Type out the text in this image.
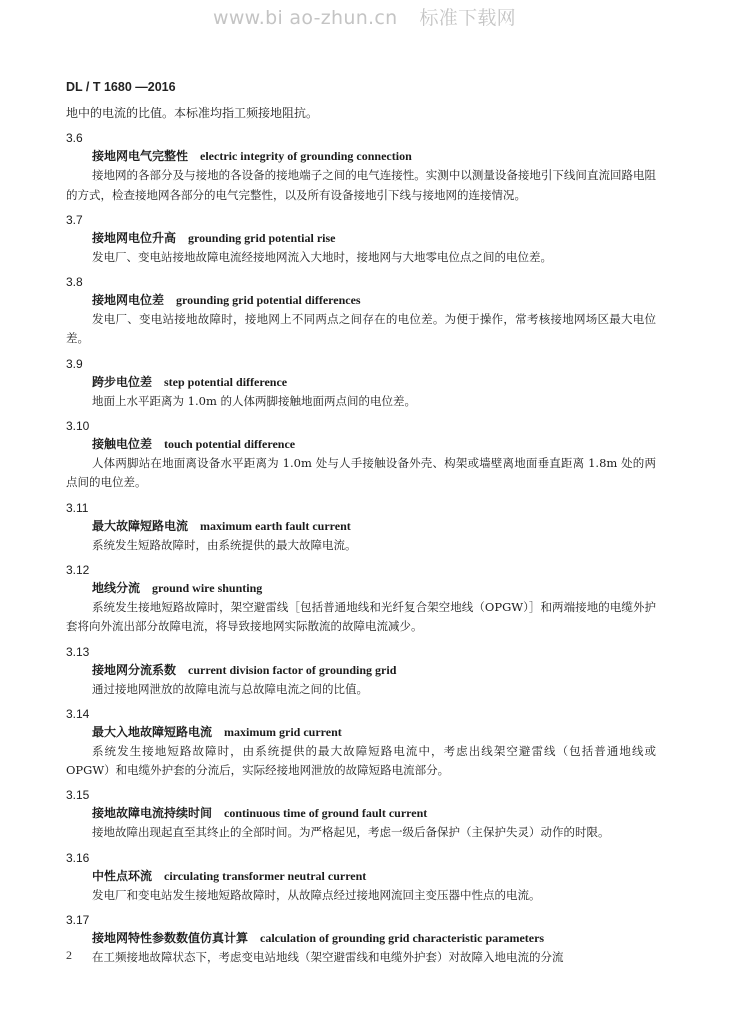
www.bi ao-zhun.cn 标准下载网
DL / T 1680 —2016

地中的电流的比值。本标准均指工频接地阻抗。

3.6

接地网电气完整性 electric integrity of grounding connection

接地网的各部分及与接地的各设备的接地端子之间的电气连接性。实测中以测量设备接地引下线间直流回路电阻的方式，检查接地网各部分的电气完整性，以及所有设备接地引下线与接地网的连接情况。

3.7

接地网电位升高 grounding grid potential rise

发电厂、变电站接地故障电流经接地网流入大地时，接地网与大地零电位点之间的电位差。

3.8

接地网电位差 grounding grid potential differences

发电厂、变电站接地故障时，接地网上不同两点之间存在的电位差。为便于操作，常考核接地网场区最大电位差。

3.9

跨步电位差 step potential difference

地面上水平距离为 1.0m 的人体两脚接触地面两点间的电位差。

3.10

接触电位差 touch potential difference

人体两脚站在地面离设备水平距离为 1.0m 处与人手接触设备外壳、构架或墙壁离地面垂直距离 1.8m 处的两点间的电位差。

3.11

最大故障短路电流 maximum earth fault current

系统发生短路故障时，由系统提供的最大故障电流。

3.12

地线分流 ground wire shunting

系统发生接地短路故障时，架空避雷线［包括普通地线和光纤复合架空地线（OPGW）］和两端接地的电缆外护套将向外流出部分故障电流，将导致接地网实际散流的故障电流减少。

3.13

接地网分流系数 current division factor of grounding grid

通过接地网泄放的故障电流与总故障电流之间的比值。

3.14

最大入地故障短路电流 maximum grid current

系统发生接地短路故障时，由系统提供的最大故障短路电流中，考虑出线架空避雷线（包括普通地线或 OPGW）和电缆外护套的分流后，实际经接地网泄放的故障短路电流部分。

3.15

接地故障电流持续时间 continuous time of ground fault current

接地故障出现起直至其终止的全部时间。为严格起见，考虑一级后备保护（主保护失灵）动作的时限。

3.16

中性点环流 circulating transformer neutral current

发电厂和变电站发生接地短路故障时，从故障点经过接地网流回主变压器中性点的电流。

3.17

接地网特性参数数值仿真计算 calculation of grounding grid characteristic parameters

在工频接地故障状态下，考虑变电站地线（架空避雷线和电缆外护套）对故障入地电流的分流

2
